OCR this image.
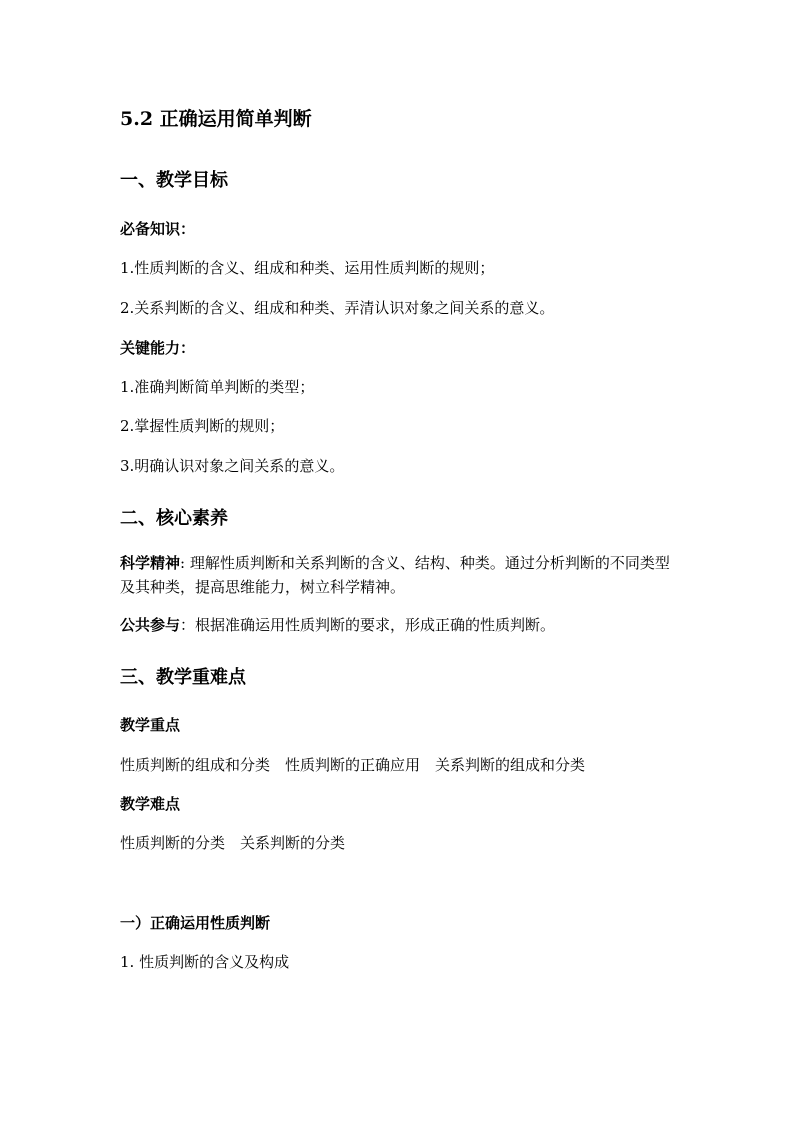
5.2 正确运用简单判断
一、教学目标
必备知识：
1.性质判断的含义、组成和种类、运用性质判断的规则；
2.关系判断的含义、组成和种类、弄清认识对象之间关系的意义。
关键能力：
1.准确判断简单判断的类型；
2.掌握性质判断的规则；
3.明确认识对象之间关系的意义。
二、核心素养
科学精神: 理解性质判断和关系判断的含义、结构、种类。通过分析判断的不同类型及其种类，提高思维能力，树立科学精神。
公共参与：根据准确运用性质判断的要求，形成正确的性质判断。
三、教学重难点
教学重点
性质判断的组成和分类　性质判断的正确应用　关系判断的组成和分类
教学难点
性质判断的分类　关系判断的分类
一）正确运用性质判断
1. 性质判断的含义及构成
